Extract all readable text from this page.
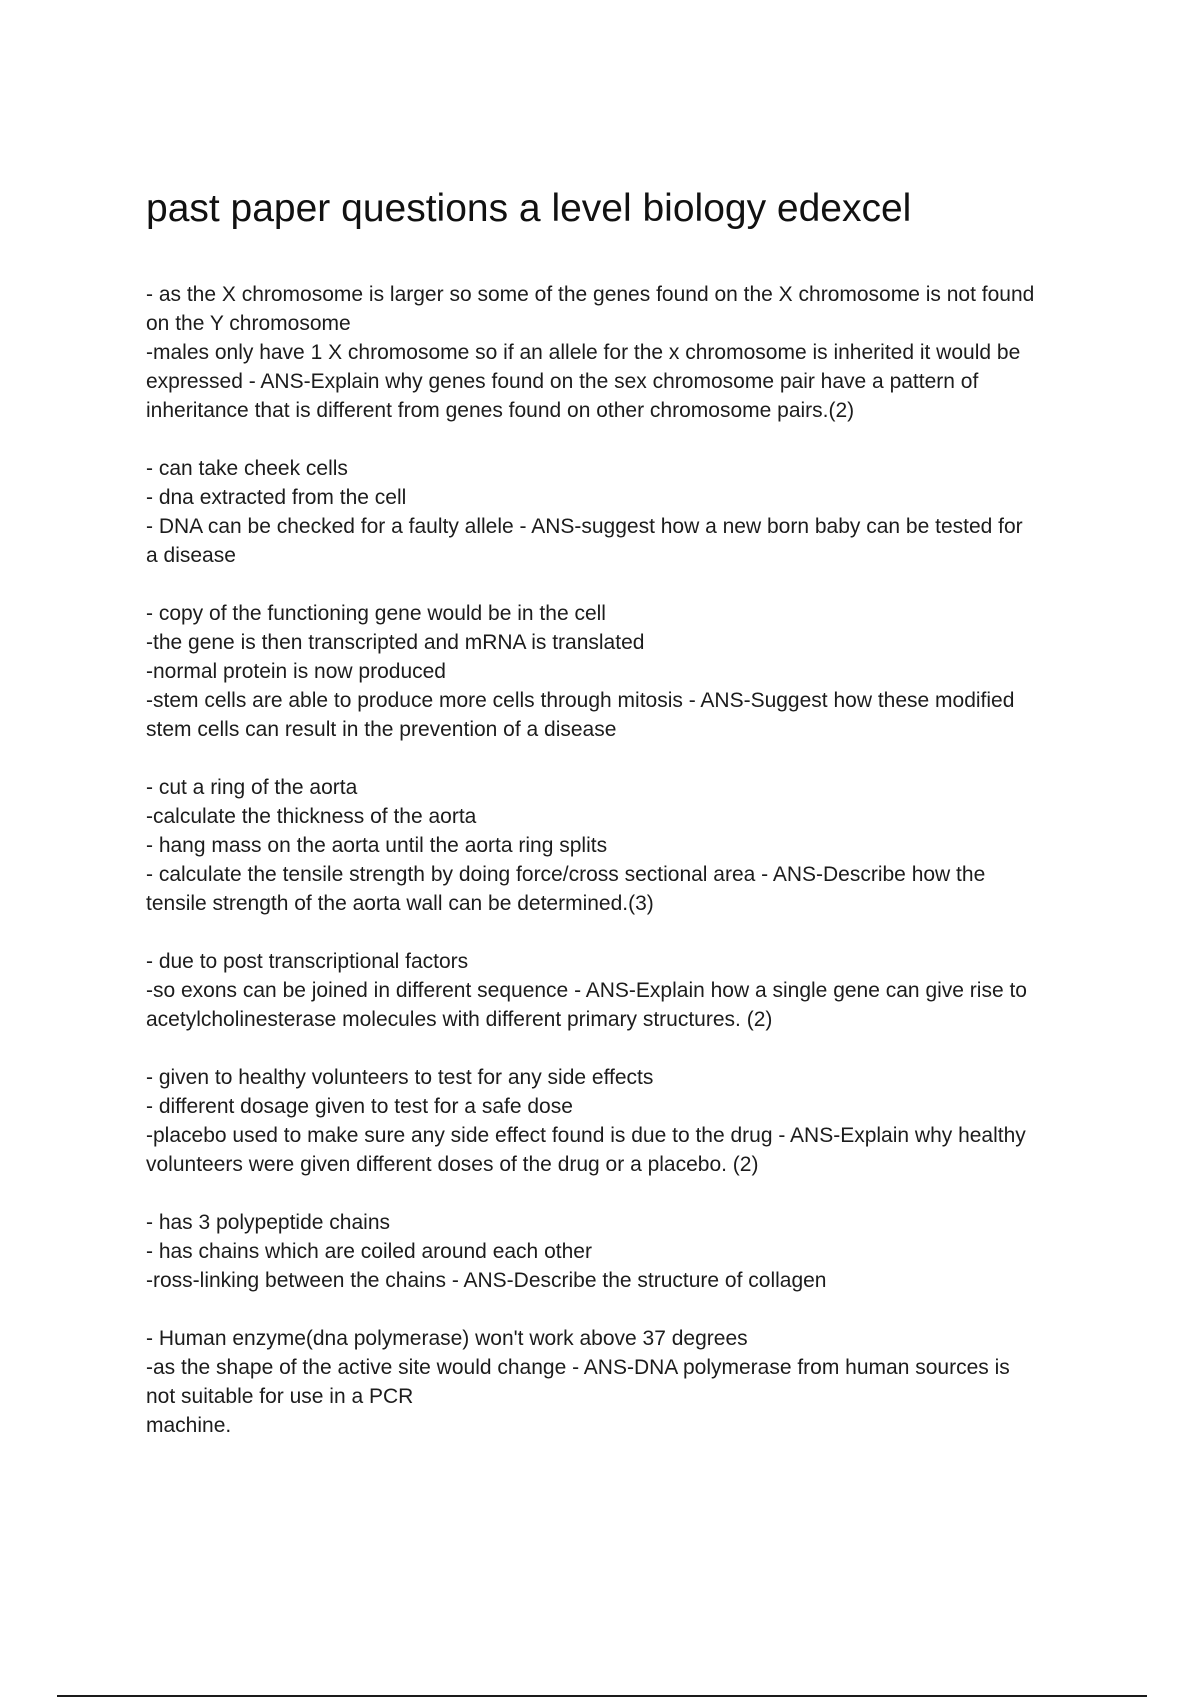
past paper questions a level biology edexcel
- as the X chromosome is larger so some of the genes found on the X chromosome is not found
on the Y chromosome
-males only have 1 X chromosome so if an allele for the x chromosome is inherited it would be
expressed - ANS-Explain why genes found on the sex chromosome pair have a pattern of
inheritance that is different from genes found on other chromosome pairs.(2)
- can take cheek cells
- dna extracted from the cell
- DNA can be checked for a faulty allele - ANS-suggest how a new born baby can be tested for
a disease
- copy of the functioning gene would be in the cell
-the gene is then transcripted and mRNA is translated
-normal protein is now produced
-stem cells are able to produce more cells through mitosis - ANS-Suggest how these modified
stem cells can result in the prevention of a disease
- cut a ring of the aorta
-calculate the thickness of the aorta
- hang mass on the aorta until the aorta ring splits
- calculate the tensile strength by doing force/cross sectional area - ANS-Describe how the
tensile strength of the aorta wall can be determined.(3)
- due to post transcriptional factors
-so exons can be joined in different sequence - ANS-Explain how a single gene can give rise to
acetylcholinesterase molecules with different primary structures. (2)
- given to healthy volunteers to test for any side effects
- different dosage given to test for a safe dose
-placebo used to make sure any side effect found is due to the drug - ANS-Explain why healthy
volunteers were given different doses of the drug or a placebo. (2)
- has 3 polypeptide chains
- has chains which are coiled around each other
-ross-linking between the chains - ANS-Describe the structure of collagen
- Human enzyme(dna polymerase) won't work above 37 degrees
-as the shape of the active site would change - ANS-DNA polymerase from human sources is
not suitable for use in a PCR
machine.
